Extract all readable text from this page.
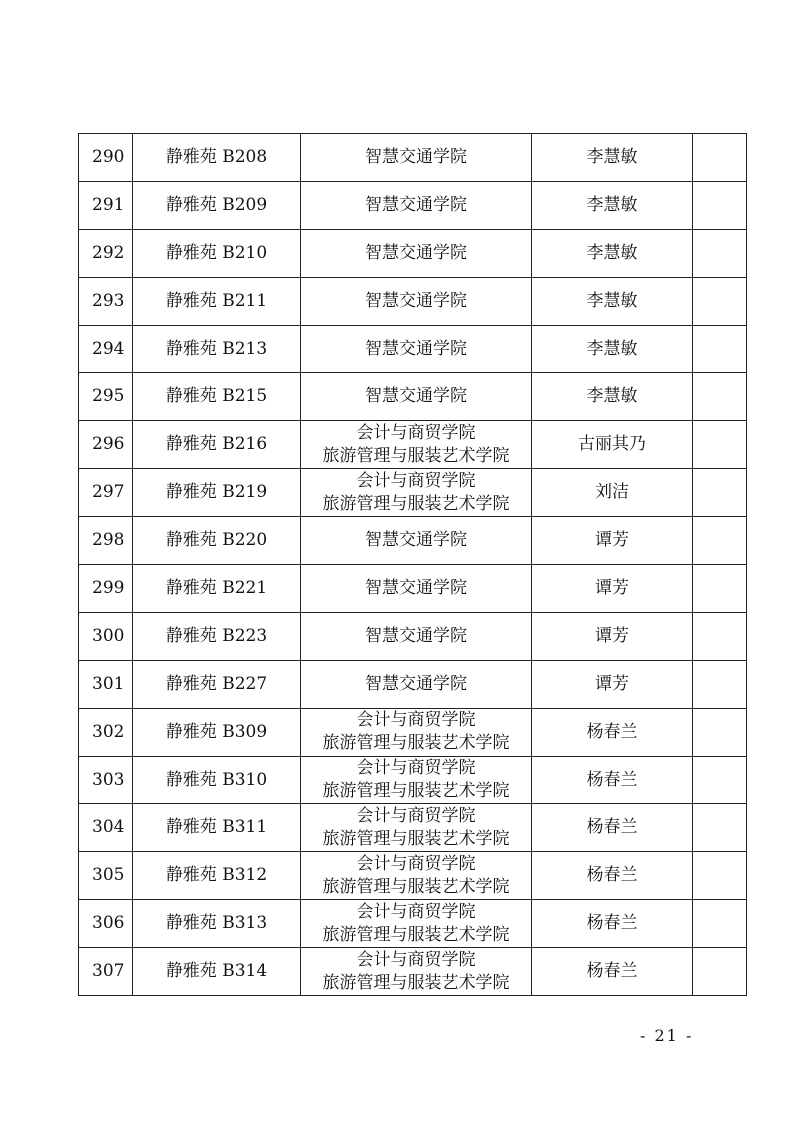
290	静雅苑 B208	智慧交通学院	李慧敏	
291	静雅苑 B209	智慧交通学院	李慧敏	
292	静雅苑 B210	智慧交通学院	李慧敏	
293	静雅苑 B211	智慧交通学院	李慧敏	
294	静雅苑 B213	智慧交通学院	李慧敏	
295	静雅苑 B215	智慧交通学院	李慧敏	
296	静雅苑 B216	会计与商贸学院
旅游管理与服装艺术学院	古丽其乃	
297	静雅苑 B219	会计与商贸学院
旅游管理与服装艺术学院	刘洁	
298	静雅苑 B220	智慧交通学院	谭芳	
299	静雅苑 B221	智慧交通学院	谭芳	
300	静雅苑 B223	智慧交通学院	谭芳	
301	静雅苑 B227	智慧交通学院	谭芳	
302	静雅苑 B309	会计与商贸学院
旅游管理与服装艺术学院	杨春兰	
303	静雅苑 B310	会计与商贸学院
旅游管理与服装艺术学院	杨春兰	
304	静雅苑 B311	会计与商贸学院
旅游管理与服装艺术学院	杨春兰	
305	静雅苑 B312	会计与商贸学院
旅游管理与服装艺术学院	杨春兰	
306	静雅苑 B313	会计与商贸学院
旅游管理与服装艺术学院	杨春兰	
307	静雅苑 B314	会计与商贸学院
旅游管理与服装艺术学院	杨春兰	
- 21 -
